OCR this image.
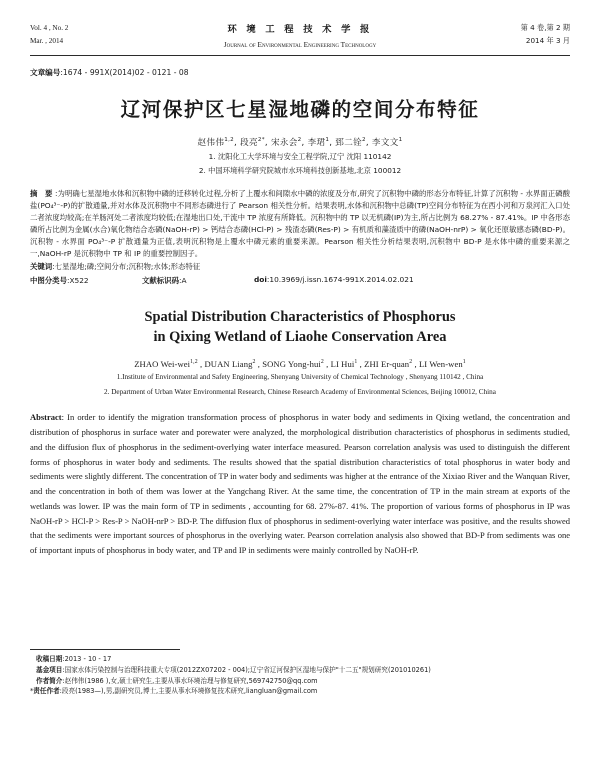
Vol. 4 , No. 2
Mar. , 2014
环 境 工 程 技 术 学 报
Journal of Environmental Engineering Technology
第 4 卷,第 2 期
2014 年 3 月
文章编号:1674 - 991X(2014)02 - 0121 - 08
辽河保护区七星湿地磷的空间分布特征
赵伟伟$^{1,2}$, 段亮$^{2*}$, 宋永会$^2$, 李珺$^1$, 郅二铨$^2$, 李文文$^1$
1. 沈阳化工大学环境与安全工程学院,辽宁 沈阳 110142
2. 中国环境科学研究院城市水环境科技创新基地,北京 100012
摘 要:为明确七星湿地水体和沉积物中磷的迁移转化过程,分析了上覆水和间隙水中磷的浓度及分布,研究了沉积物中磷的形态分布特征,计算了沉积物 - 水界面正磷酸盐(PO₄³⁻-P)的扩散通量,并对水体及沉积物中不同形态磷进行了 Pearson 相关性分析。结果表明,水体和沉积物中总磷(TP)空间分布特征为在西小河和万泉河汇入口处二者浓度均较高;在羊肠河处二者浓度均较低;在湿地出口处,干流中 TP 浓度有所降低。沉积物中的 TP 以无机磷(IP)为主,所占比例为 68.27% - 87.41%。IP 中各形态磷所占比例为金属(水合)氧化物结合态磷(NaOH-rP) > 钙结合态磷(HCl-P) > 残渣态磷(Res-P) > 有机质和藻渣质中的磷(NaOH-nrP) > 氧化还原敏感态磷(BD-P)。沉积物 - 水界面 PO₄³⁻-P 扩散通量为正值,表明沉积物是上覆水中磷元素的重要来源。Pearson 相关性分析结果表明,沉积物中 BD-P 是水体中磷的重要来源之一,NaOH-rP 是沉积物中 TP 和 IP 的重要控制因子。
关键词:七星湿地;磷;空间分布;沉积物;水体;形态特征
中图分类号:X522	文献标识码:A	doi:10.3969/j.issn.1674-991X.2014.02.021
Spatial Distribution Characteristics of Phosphorus
in Qixing Wetland of Liaohe Conservation Area
ZHAO Wei-wei$^{1,2}$ , DUAN Liang$^2$ , SONG Yong-hui$^2$ , LI Hui$^1$ , ZHI Er-quan$^2$ , LI Wen-wen$^1$
1.Institute of Environmental and Safety Engineering, Shenyang University of Chemical Technology , Shenyang 110142 , China
2. Department of Urban Water Environmental Research, Chinese Research Academy of Environmental Sciences, Beijing 100012, China
Abstract: In order to identify the migration transformation process of phosphorus in water body and sediments in Qixing wetland, the concentration and distribution of phosphorus in surface water and porewater were analyzed, the morphological distribution characteristics of phosphorus in sediments studied, and the diffusion flux of phosphorus in the sediment-overlying water interface measured. Pearson correlation analysis was used to distinguish the different forms of phosphorus in water body and sediments. The results showed that the spatial distribution characteristics of total phosphorus in water body and sediments were slightly different. The concentration of TP in water body and sediments was higher at the entrance of the Xixiao River and the Wanquan River, and the concentration in both of them was lower at the Yangchang River. At the same time, the concentration of TP in the main stream at exports of the wetlands was lower. IP was the main form of TP in sediments , accounting for 68. 27%-87. 41%. The proportion of various forms of phosphorus in IP was NaOH-rP > HCl-P > Res-P > NaOH-nrP > BD-P. The diffusion flux of phosphorus in sediment-overlying water interface was positive, and the results showed that the sediments were important sources of phosphorus in the overlying water. Pearson correlation analysis also showed that BD-P from sediments was one of important inputs of phosphorus in body water, and TP and IP in sediments were mainly controlled by NaOH-rP.
收稿日期:2013 - 10 - 17
基金项目:国家水体污染控制与治理科技重大专项(2012ZX07202 - 004);辽宁省辽河保护区湿地与保护"十二五"规划研究(201010261)
作者简介:赵伟伟(1986 ),女,硕士研究生,主要从事水环境治理与修复研究,569742750@qq.com
*责任作者:段亮(1983—),男,副研究员,博士,主要从事水环境修复技术研究,liangluan@gmail.com
